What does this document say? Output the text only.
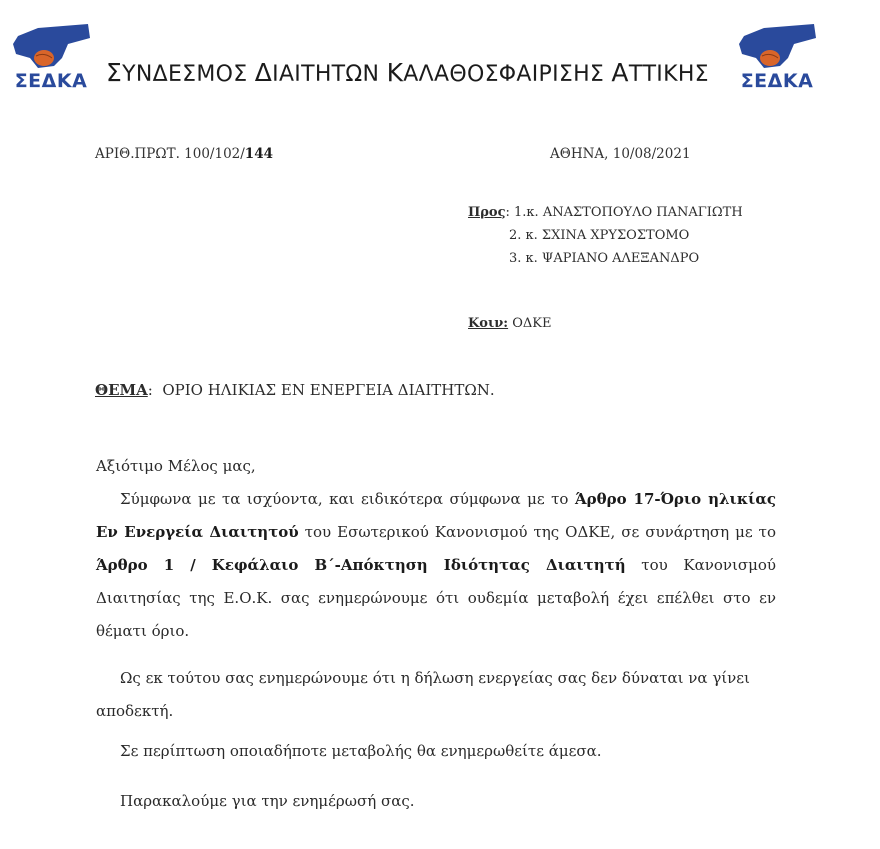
ΣΕΔΚΑ ΣΥΝΔΕΣΜΟΣ ΔΙΑΙΤΗΤΩΝ ΚΑΛΑΘΟΣΦΑΙΡΙΣΗΣ ΑΤΤΙΚΗΣ	ΣΕΔΚΑ
ΑΡΙΘ.ΠΡΩΤ. 100/102/144	ΑΘΗΝΑ, 10/08/2021
Προς: 1.κ. ΑΝΑΣΤΟΠΟΥΛΟ ΠΑΝΑΓΙΩΤΗ
2. κ. ΣΧΙΝΑ ΧΡΥΣΟΣΤΟΜΟ
3. κ. ΨΑΡΙΑΝΟ ΑΛΕΞΑΝΔΡΟ
Κοιν: ΟΔΚΕ
ΘΕΜΑ:  ΟΡΙΟ ΗΛΙΚΙΑΣ ΕΝ ΕΝΕΡΓΕΙΑ ΔΙΑΙΤΗΤΩΝ.
Αξιότιμο Μέλος μας,
Σύμφωνα με τα ισχύοντα, και ειδικότερα σύμφωνα με το Άρθρο 17-Όριο ηλικίας Εν Ενεργεία Διαιτητού του Εσωτερικού Κανονισμού της ΟΔΚΕ, σε συνάρτηση με το Άρθρο 1 / Κεφάλαιο Β΄-Απόκτηση Ιδιότητας Διαιτητή του Κανονισμού Διαιτησίας της Ε.Ο.Κ. σας ενημερώνουμε ότι ουδεμία μεταβολή έχει επέλθει στο εν θέματι όριο.
Ως εκ τούτου σας ενημερώνουμε ότι η δήλωση ενεργείας σας δεν δύναται να γίνει αποδεκτή.
Σε περίπτωση οποιαδήποτε μεταβολής θα ενημερωθείτε άμεσα.
Παρακαλούμε για την ενημέρωσή σας.
